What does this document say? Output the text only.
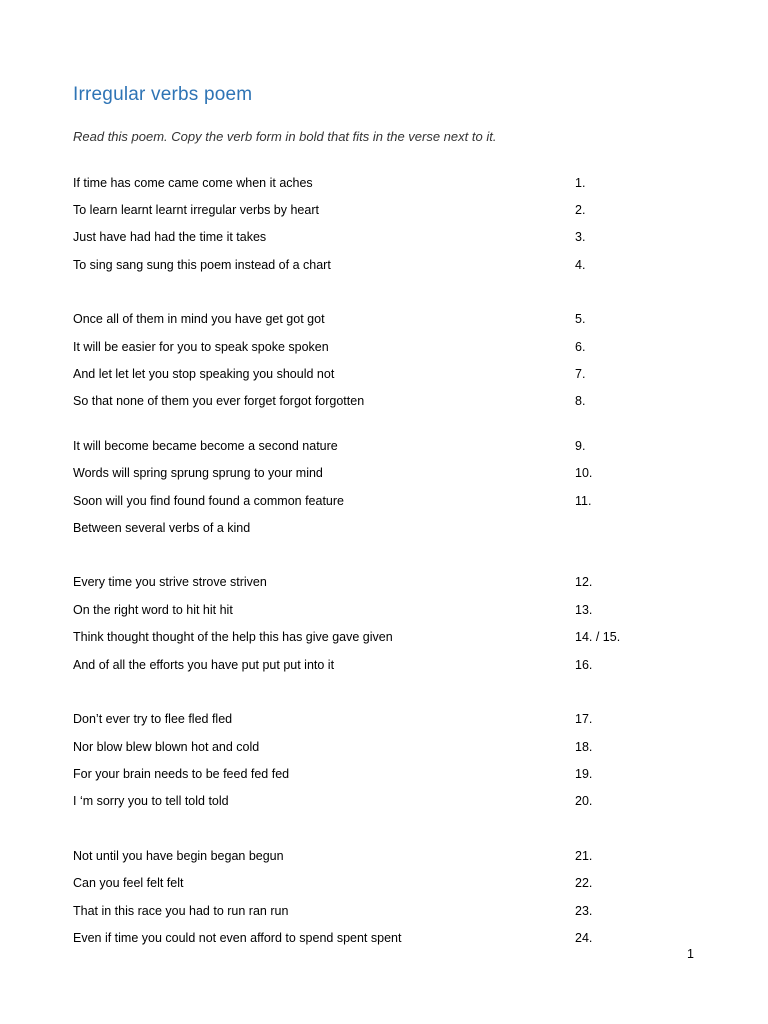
Irregular verbs poem
Read this poem. Copy the verb form in bold that fits in the verse next to it.
If time has come came come when it aches	1.
To learn learnt learnt irregular verbs by heart	2.
Just have had had the time it takes	3.
To sing sang sung this poem instead of a chart	4.
Once all of them in mind you have get got got	5.
It will be easier for you to speak spoke spoken	6.
And let let let you stop speaking you should not	7.
So that none of them you ever forget forgot forgotten	8.
It will become became become a second nature	9.
Words will spring sprung sprung to your mind	10.
Soon will you find found found a common feature	11.
Between several verbs of a kind
Every time you strive strove striven	12.
On the right word to hit hit hit	13.
Think thought thought of the help this has give gave given	14. / 15.
And of all the efforts you have put put put into it	16.
Don’t ever try to flee fled fled	17.
Nor blow blew blown hot and cold	18.
For your brain needs to be feed fed fed	19.
I ‘m sorry you to tell told told	20.
Not until you have begin began begun	21.
Can you feel felt felt	22.
That in this race you had to run ran run	23.
Even if time you could not even afford to spend spent spent	24.
1
